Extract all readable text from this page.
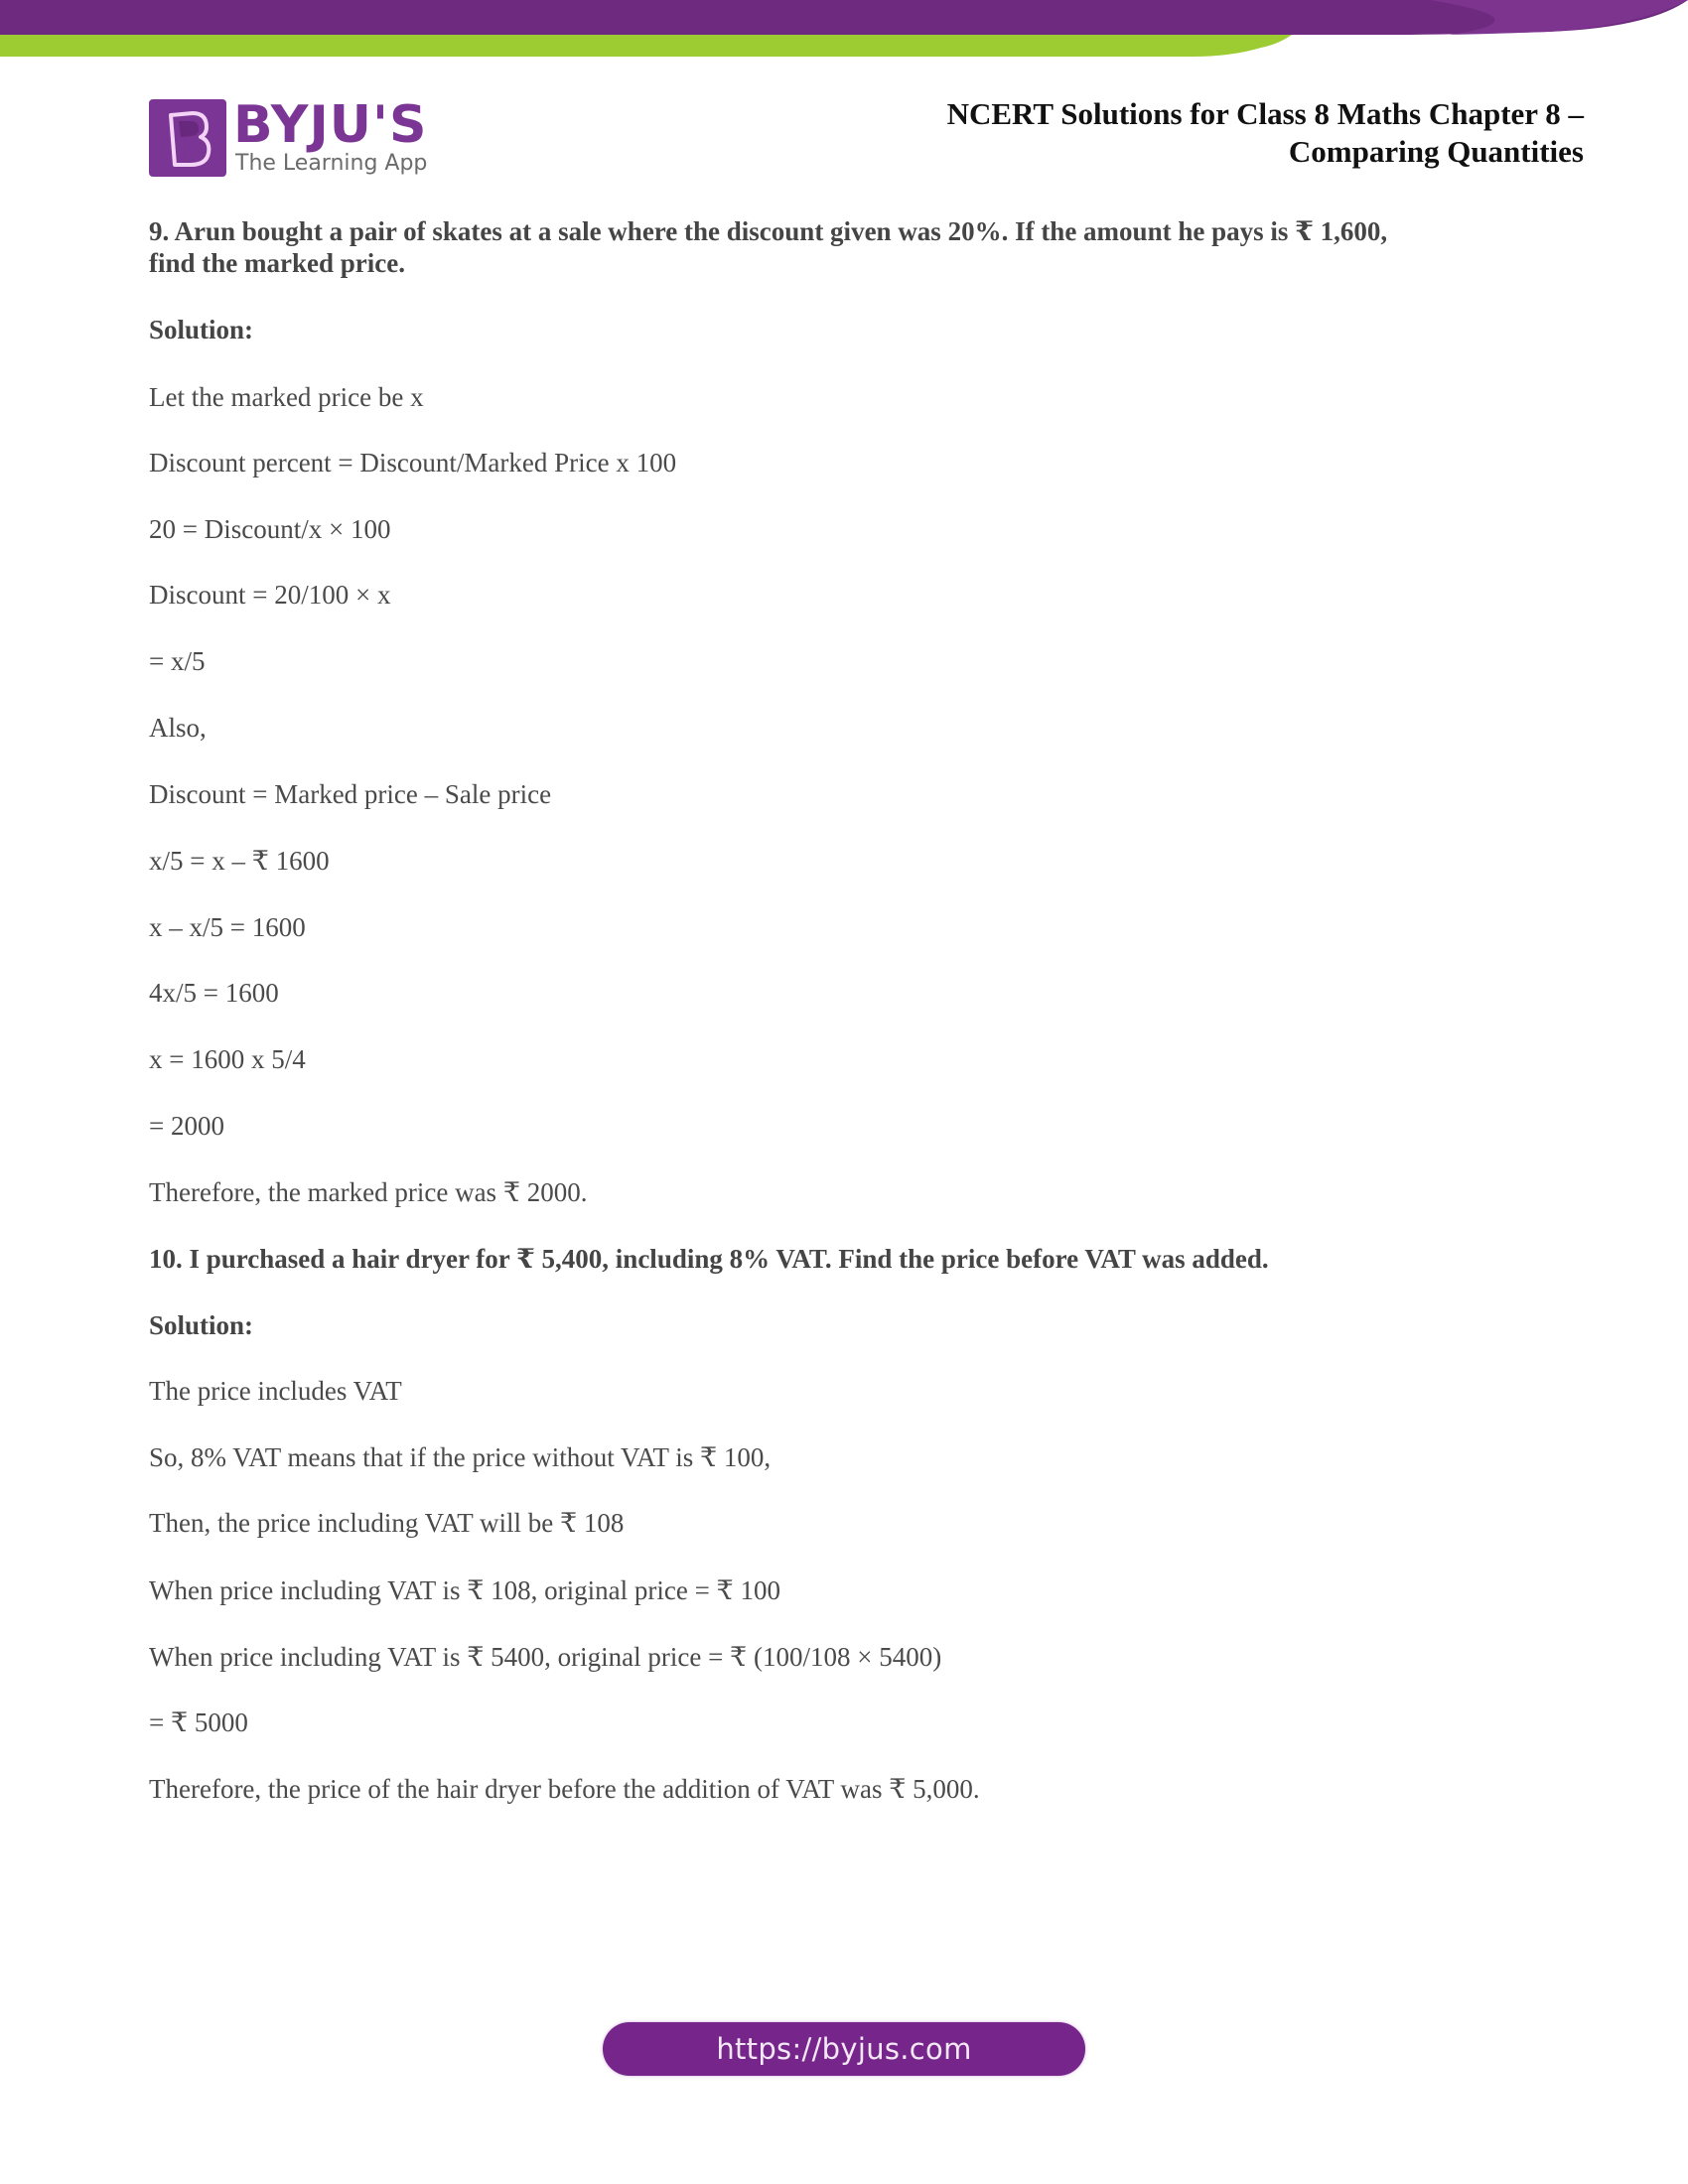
BYJU'S
The Learning App
NCERT Solutions for Class 8 Maths Chapter 8 –
Comparing Quantities
9. Arun bought a pair of skates at a sale where the discount given was 20%. If the amount he pays is ₹ 1,600,
find the marked price.
Solution:
Let the marked price be x
Discount percent = Discount/Marked Price x 100
20 = Discount/x × 100
Discount = 20/100 × x
= x/5
Also,
Discount = Marked price – Sale price
x/5 = x – ₹ 1600
x – x/5 = 1600
4x/5 = 1600
x = 1600 x 5/4
= 2000
Therefore, the marked price was ₹ 2000.
10. I purchased a hair dryer for ₹ 5,400, including 8% VAT. Find the price before VAT was added.
Solution:
The price includes VAT
So, 8% VAT means that if the price without VAT is ₹ 100,
Then, the price including VAT will be ₹ 108
When price including VAT is ₹ 108, original price = ₹ 100
When price including VAT is ₹ 5400, original price = ₹ (100/108 × 5400)
= ₹ 5000
Therefore, the price of the hair dryer before the addition of VAT was ₹ 5,000.
https://byjus.com
